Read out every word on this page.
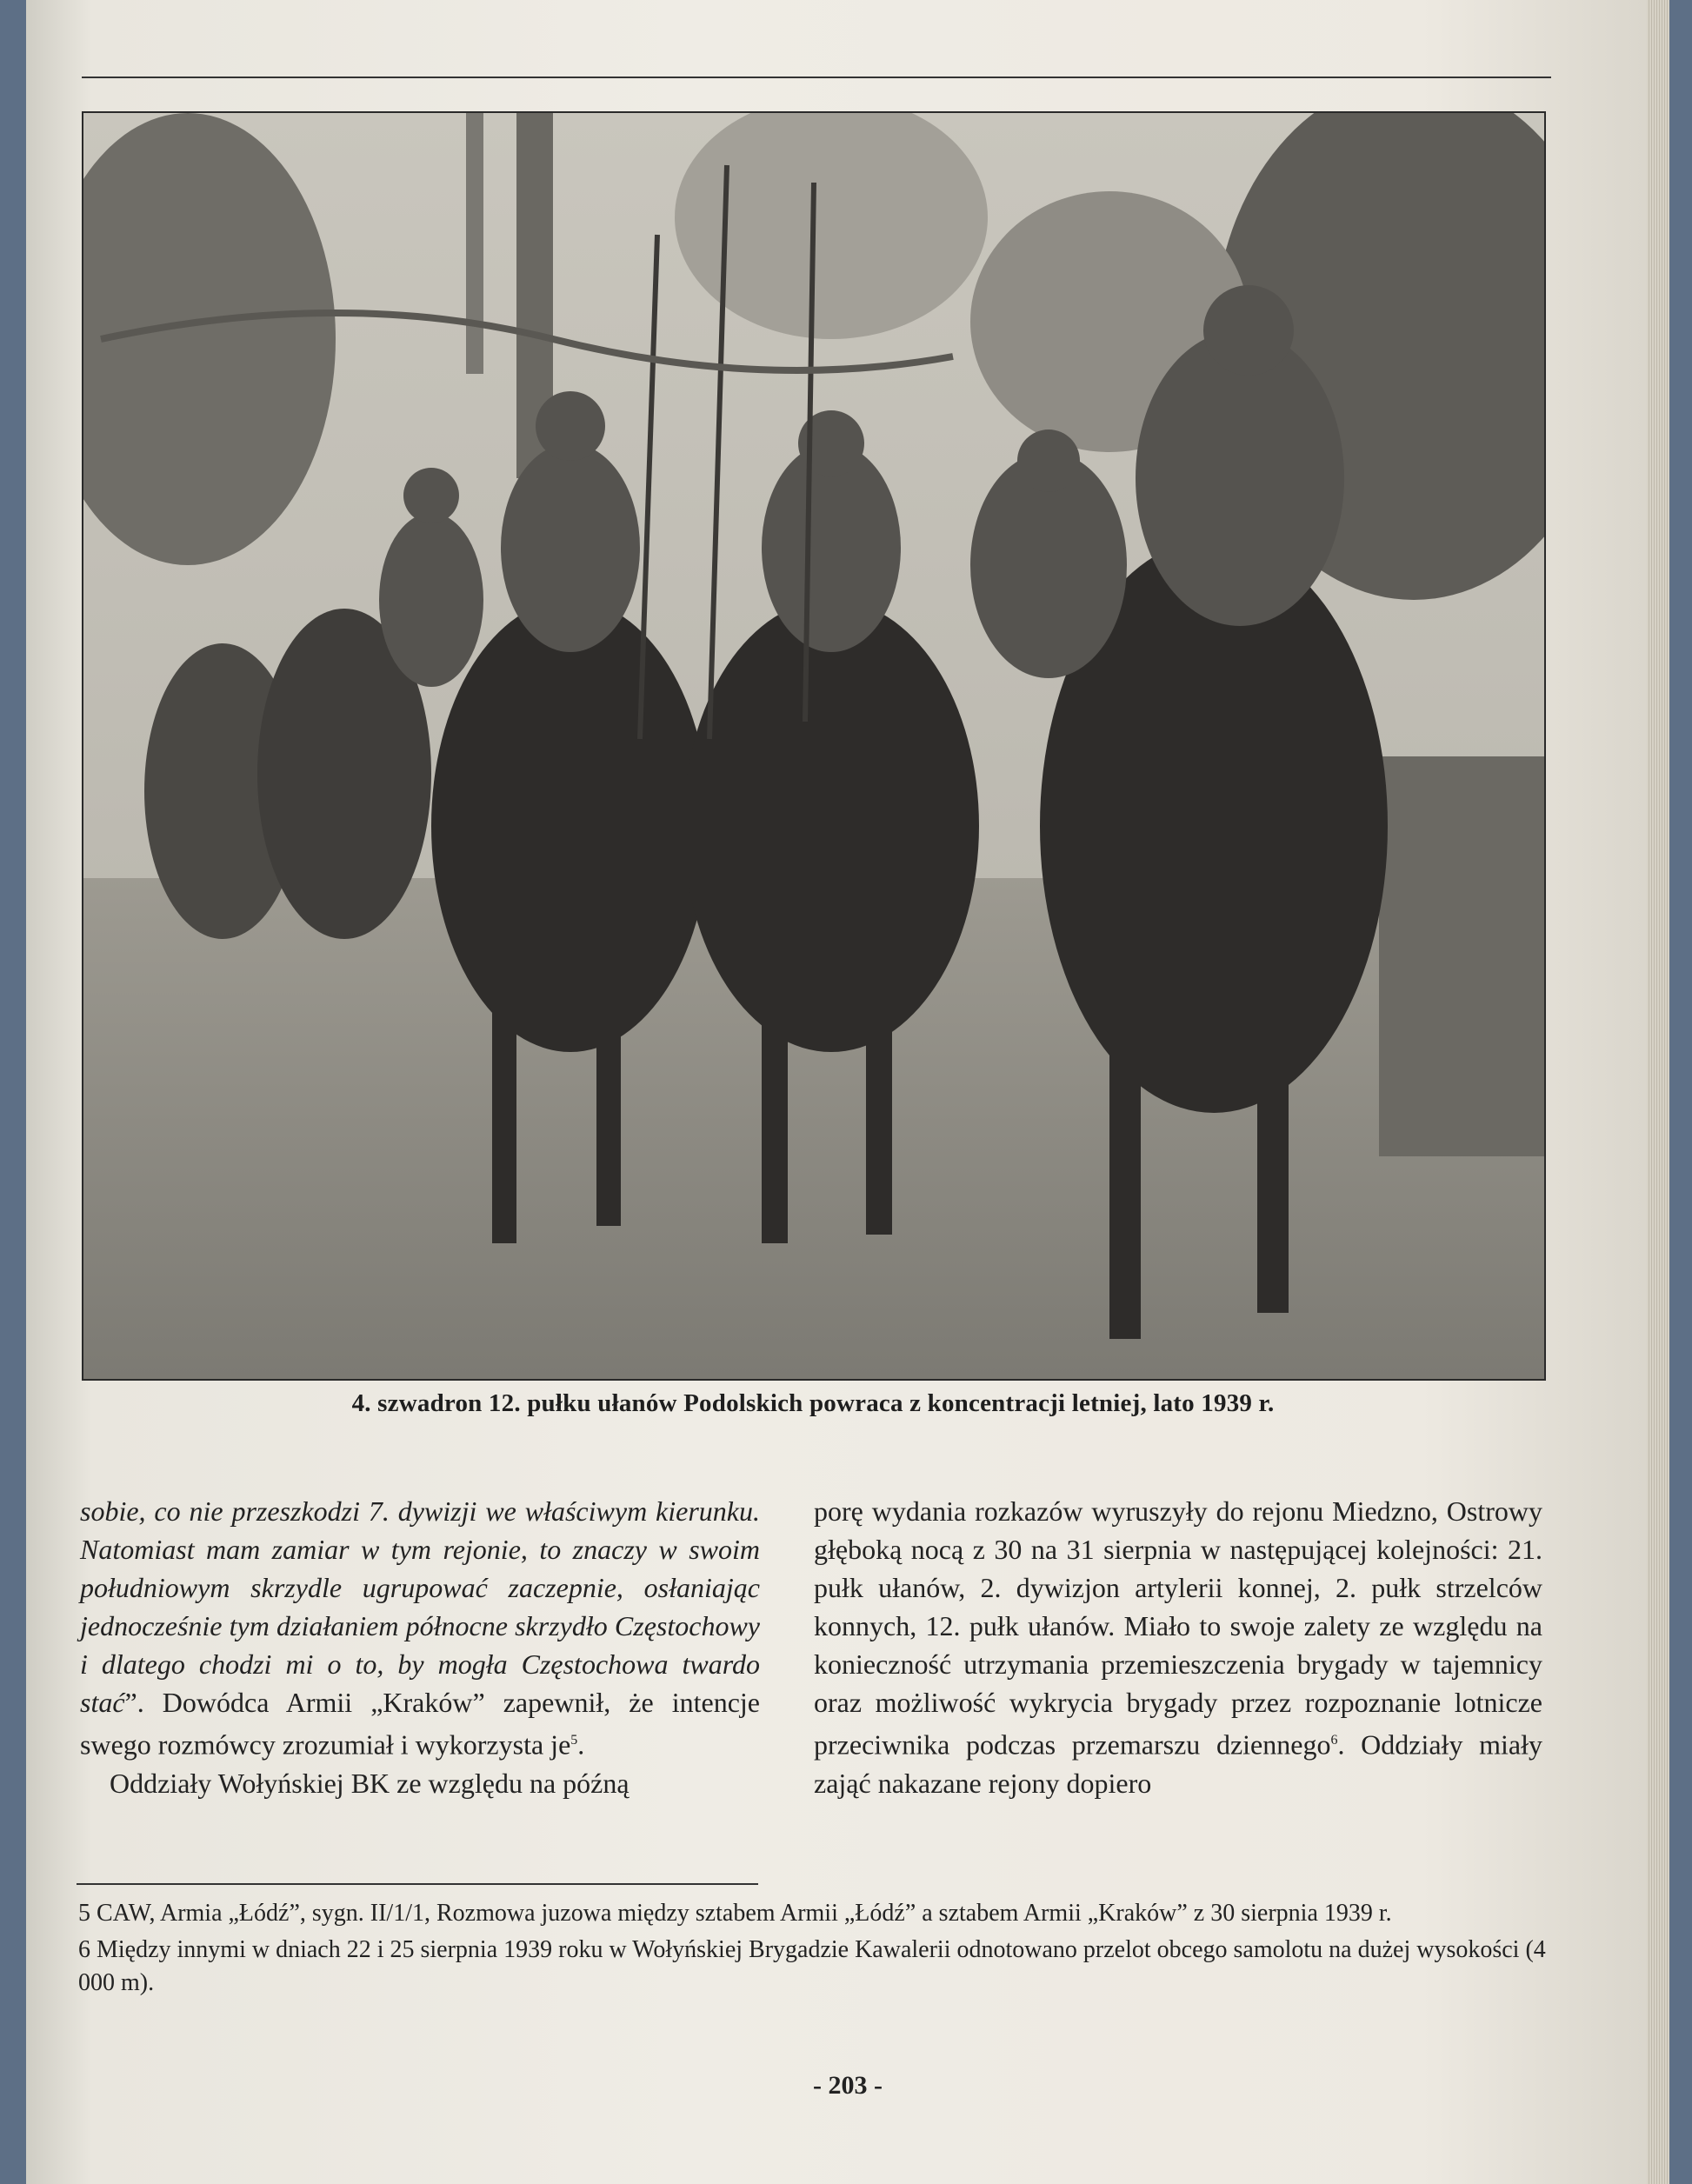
4. szwadron 12. pułku ułanów Podolskich powraca z koncentracji letniej, lato 1939 r.

sobie, co nie przeszkodzi 7. dywizji we właściwym kierunku. Natomiast mam zamiar w tym rejonie, to znaczy w swoim południowym skrzydle ugrupować zaczepnie, osłaniając jednocześnie tym działaniem północne skrzydło Częstochowy i dlatego chodzi mi o to, by mogła Częstochowa twardo stać”. Dowódca Armii „Kraków” zapewnił, że intencje swego rozmówcy zrozumiał i wykorzysta $je^5$.

Oddziały Wołyńskiej BK ze względu na późną

porę wydania rozkazów wyruszyły do rejonu Miedzno, Ostrowy głęboką nocą z 30 na 31 sierpnia w następującej kolejności: 21. pułk ułanów, 2. dywizjon artylerii konnej, 2. pułk strzelców konnych, 12. pułk ułanów. Miało to swoje zalety ze względu na konieczność utrzymania przemieszczenia brygady w tajemnicy oraz możliwość wykrycia brygady przez rozpoznanie lotnicze przeciwnika podczas przemarszu dziennego$^6$. Oddziały miały zająć nakazane rejony dopiero

5 CAW, Armia „Łódź”, sygn. II/1/1, Rozmowa juzowa między sztabem Armii „Łódź” a sztabem Armii „Kraków” z 30 sierpnia 1939 r.

6 Między innymi w dniach 22 i 25 sierpnia 1939 roku w Wołyńskiej Brygadzie Kawalerii odnotowano przelot obcego samolotu na dużej wysokości (4 000 m).

- 203 -
